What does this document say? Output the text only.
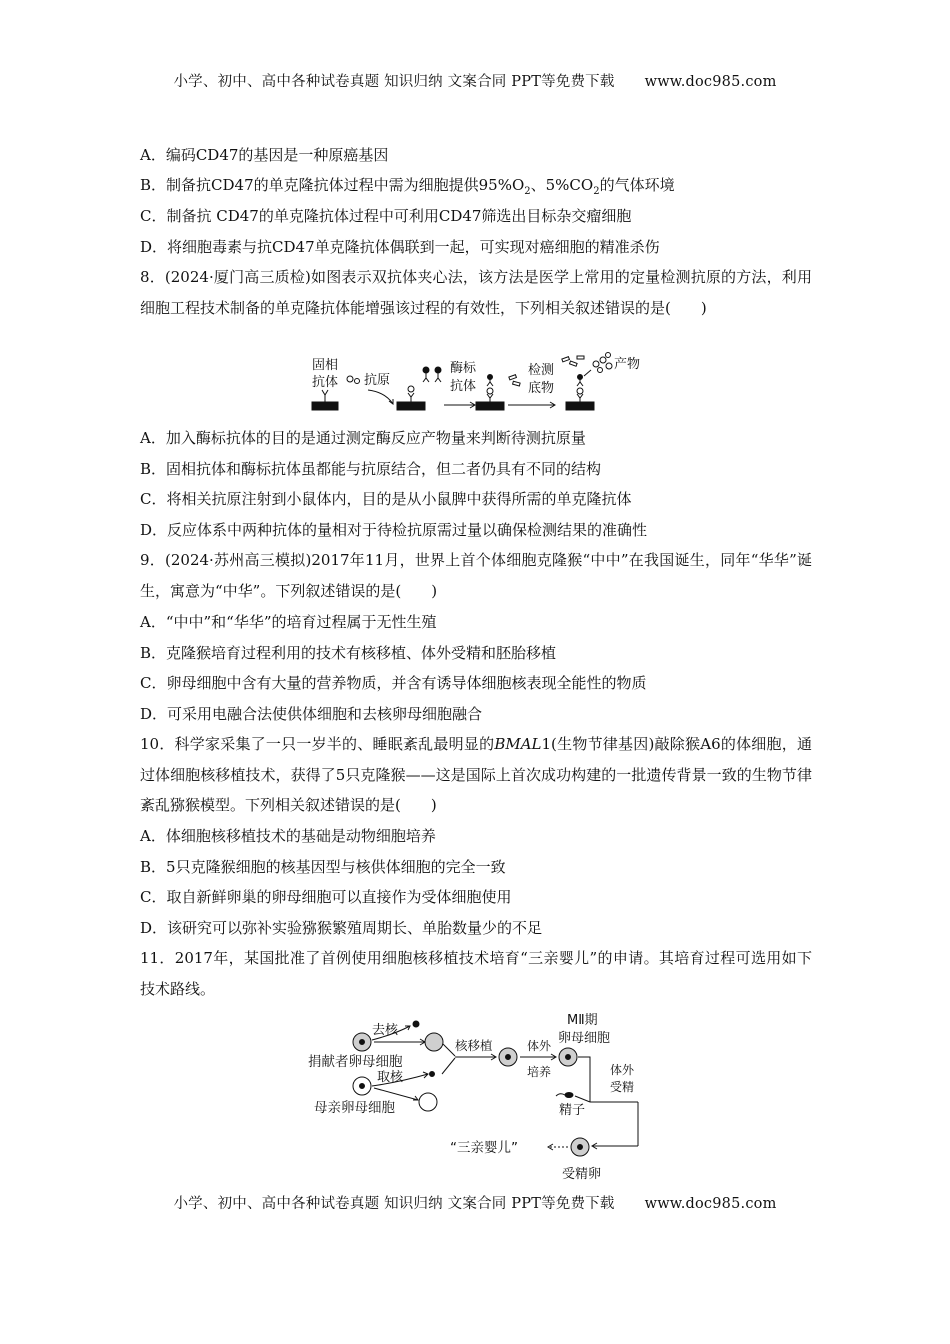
小学、初中、高中各种试卷真题 知识归纳 文案合同 PPT等免费下载 www.doc985.com
A．编码CD47的基因是一种原癌基因
B．制备抗CD47的单克隆抗体过程中需为细胞提供$95\%O_2$、$5\%CO_2$的气体环境
C．制备抗 CD47的单克隆抗体过程中可利用CD47筛选出目标杂交瘤细胞
D．将细胞毒素与抗CD47单克隆抗体偶联到一起，可实现对癌细胞的精准杀伤
8．(2024·厦门高三质检)如图表示双抗体夹心法，该方法是医学上常用的定量检测抗原的方法，利用细胞工程技术制备的单克隆抗体能增强该过程的有效性，下列相关叙述错误的是(　　)
固相
抗体 抗原
酶标
抗体
检测
底物
产物
A．加入酶标抗体的目的是通过测定酶反应产物量来判断待测抗原量
B．固相抗体和酶标抗体虽都能与抗原结合，但二者仍具有不同的结构
C．将相关抗原注射到小鼠体内，目的是从小鼠脾中获得所需的单克隆抗体
D．反应体系中两种抗体的量相对于待检抗原需过量以确保检测结果的准确性
9．(2024·苏州高三模拟)2017年11月，世界上首个体细胞克隆猴“中中”在我国诞生，同年“华华”诞生，寓意为“中华”。下列叙述错误的是(　　)
A．“中中”和“华华”的培育过程属于无性生殖
B．克隆猴培育过程利用的技术有核移植、体外受精和胚胎移植
C．卵母细胞中含有大量的营养物质，并含有诱导体细胞核表现全能性的物质
D．可采用电融合法使供体细胞和去核卵母细胞融合
10．科学家采集了一只一岁半的、睡眠紊乱最明显的BMAL1(生物节律基因)敲除猴A6的体细胞，通过体细胞核移植技术，获得了5只克隆猴——这是国际上首次成功构建的一批遗传背景一致的生物节律紊乱猕猴模型。下列相关叙述错误的是(　　)
A．体细胞核移植技术的基础是动物细胞培养
B．5只克隆猴细胞的核基因型与核供体细胞的完全一致
C．取自新鲜卵巢的卵母细胞可以直接作为受体细胞使用
D．该研究可以弥补实验猕猴繁殖周期长、单胎数量少的不足
11．2017年，某国批准了首例使用细胞核移植技术培育“三亲婴儿”的申请。其培育过程可选用如下技术路线。
去核
捐献者卵母细胞
取核
母亲卵母细胞
核移植	体外
培养
MⅡ期
卵母细胞
体外
受精
精子
受精卵
“三亲婴儿”
小学、初中、高中各种试卷真题 知识归纳 文案合同 PPT等免费下载 www.doc985.com
